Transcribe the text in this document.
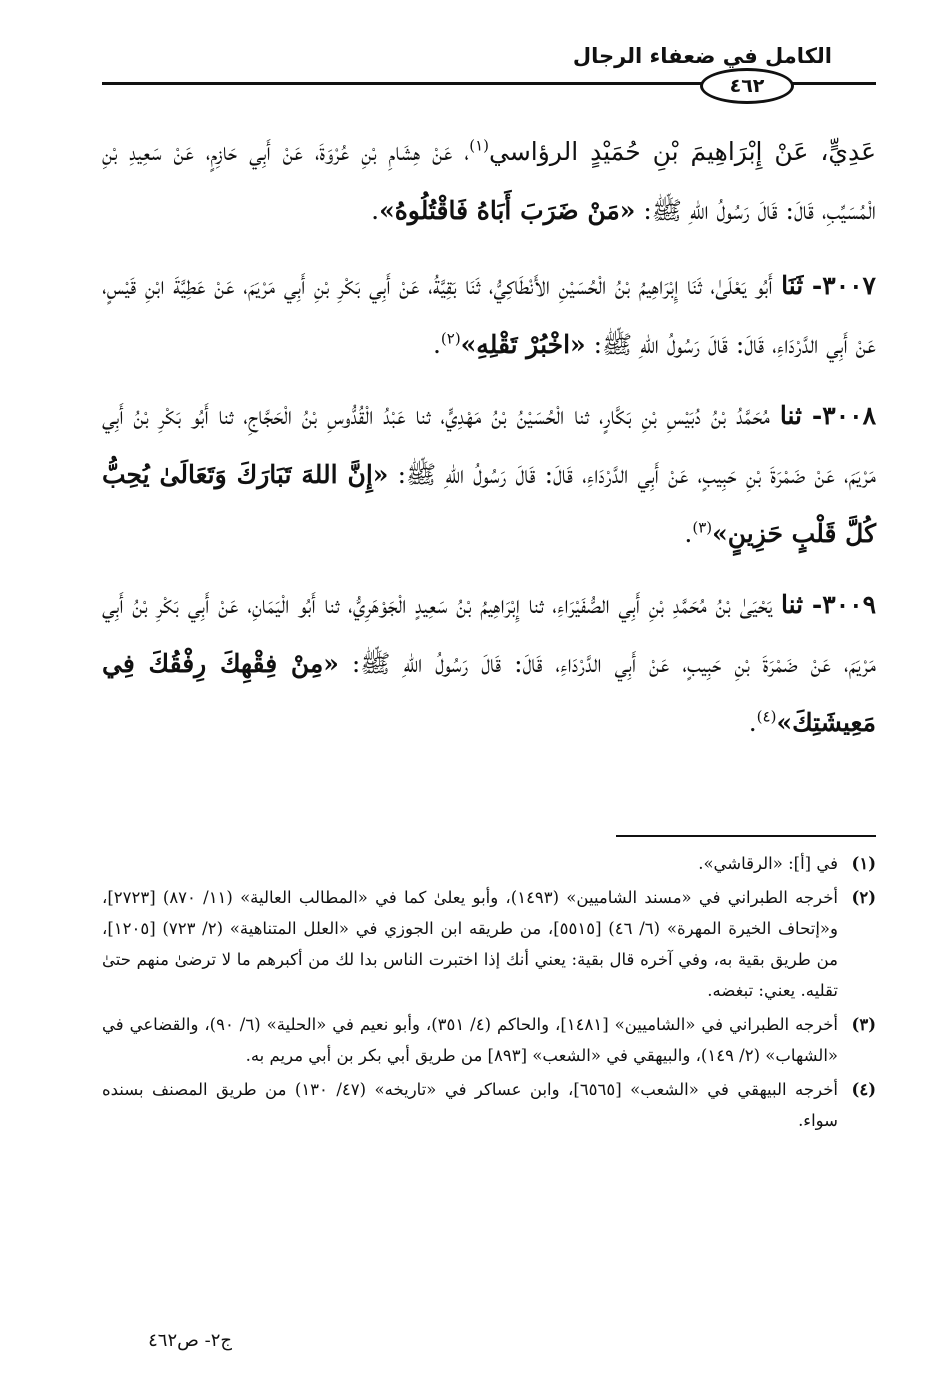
الكامل في ضعفاء الرجال
٤٦٢

عَدِيٍّ، عَنْ إِبْرَاهِيمَ بْنِ حُمَيْدٍ الرؤاسي$^{(١)}$، عَنْ هِشَامِ بْنِ عُرْوَةَ، عَنْ أَبِي حَازِمٍ، عَنْ سَعِيدِ بْنِ الْمُسَيِّبِ، قَالَ: قَالَ رَسُولُ اللهِ ﷺ: «مَنْ ضَرَبَ أَبَاهُ فَاقْتُلُوهُ».

٣٠٠٧- ثَنَا أَبُو يَعْلَىٰ، ثَنَا إِبْرَاهِيمُ بْنُ الْحُسَيْنِ الأَنْطَاكِيُّ، ثَنَا بَقِيَّةُ، عَنْ أَبِي بَكْرِ بْنِ أَبِي مَرْيَمَ، عَنْ عَطِيَّةَ ابْنِ قَيْسٍ، عَنْ أَبِي الدَّرْدَاءِ، قَالَ: قَالَ رَسُولُ اللهِ ﷺ: «اخْبُرْ تَقْلِهِ»$^{(٢)}$.

٣٠٠٨- ثنا مُحَمَّدُ بْنُ دُبَيْسِ بْنِ بَكَّارٍ، ثنا الْحُسَيْنُ بْنُ مَهْدِيٍّ، ثنا عَبْدُ الْقُدُّوسِ بْنُ الْحَجَّاجِ، ثنا أَبُو بَكْرِ بْنُ أَبِي مَرْيَمَ، عَنْ ضَمْرَةَ بْنِ حَبِيبٍ، عَنْ أَبِي الدَّرْدَاءِ، قَالَ: قَالَ رَسُولُ اللهِ ﷺ: «إِنَّ اللهَ تَبَارَكَ وَتَعَالَىٰ يُحِبُّ كُلَّ قَلْبٍ حَزِينٍ»$^{(٣)}$.

٣٠٠٩- ثنا يَحْيَىٰ بْنُ مُحَمَّدِ بْنِ أَبِي الصُّفَيْرَاءِ، ثنا إِبْرَاهِيمُ بْنُ سَعِيدٍ الْجَوْهَرِيُّ، ثنا أَبُو الْيَمَانِ، عَنْ أَبِي بَكْرِ بْنُ أَبِي مَرْيَمَ، عَنْ ضَمْرَةَ بْنِ حَبِيبٍ، عَنْ أَبِي الدَّرْدَاءِ، قَالَ: قَالَ رَسُولُ اللهِ ﷺ: «مِنْ فِقْهِكَ رِفْقُكَ فِي مَعِيشَتِكَ»$^{(٤)}$.

(١)
في [أ]: «الرقاشي».
(٢)
أخرجه الطبراني في «مسند الشاميين» (١٤٩٣)، وأبو يعلىٰ كما في «المطالب العالية» (١١/ ٨٧٠) [٢٧٢٣]، و«إتحاف الخيرة المهرة» (٦/ ٤٦) [٥٥١٥]، من طريقه ابن الجوزي في «العلل المتناهية» (٢/ ٧٢٣) [١٢٠٥]، من طريق بقية به، وفي آخره قال بقية: يعني أنك إذا اختبرت الناس بدا لك من أكبرهم ما لا ترضىٰ منهم حتىٰ تقليه. يعني: تبغضه.
(٣)
أخرجه الطبراني في «الشاميين» [١٤٨١]، والحاكم (٤/ ٣٥١)، وأبو نعيم في «الحلية» (٦/ ٩٠)، والقضاعي في «الشهاب» (٢/ ١٤٩)، والبيهقي في «الشعب» [٨٩٣] من طريق أبي بكر بن أبي مريم به.
(٤)
أخرجه البيهقي في «الشعب» [٦٥٦٥]، وابن عساكر في «تاريخه» (٤٧/ ١٣٠) من طريق المصنف بسنده سواء.
ج٢- ص٤٦٢
